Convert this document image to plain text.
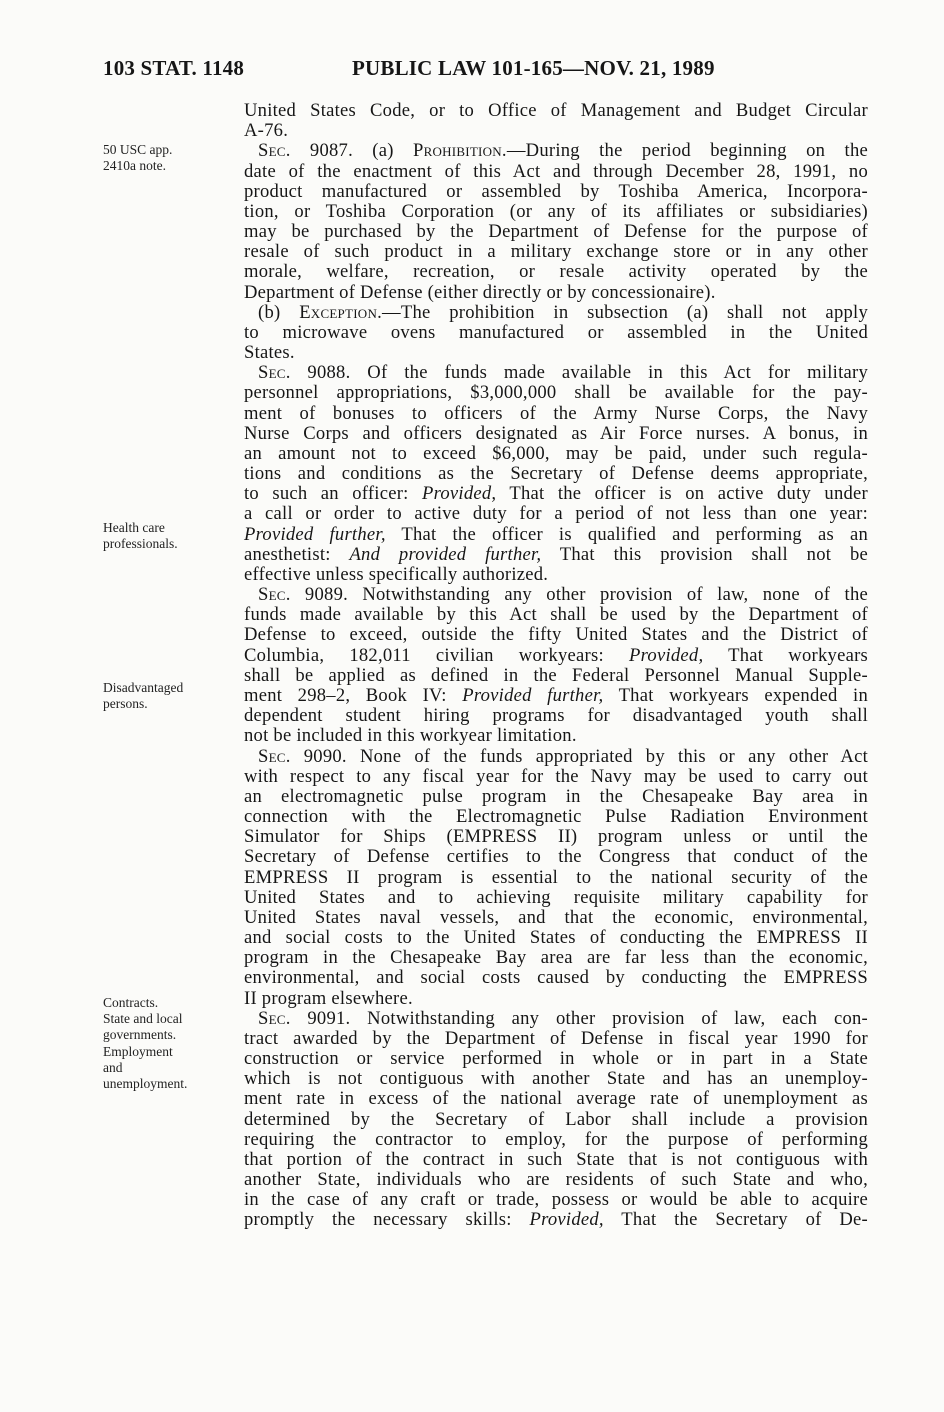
103 STAT. 1148	PUBLIC LAW 101-165—NOV. 21, 1989
50 USC app.
2410a note.
Health care
professionals.
Disadvantaged
persons.
Contracts.
State and local
governments.
Employment
and
unemployment.
United States Code, or to Office of Management and Budget Circular
A-76.
Sec. 9087. (a) Prohibition.—During the period beginning on the
date of the enactment of this Act and through December 28, 1991, no
product manufactured or assembled by Toshiba America, Incorpora-
tion, or Toshiba Corporation (or any of its affiliates or subsidiaries)
may be purchased by the Department of Defense for the purpose of
resale of such product in a military exchange store or in any other
morale, welfare, recreation, or resale activity operated by the
Department of Defense (either directly or by concessionaire).
(b) Exception.—The prohibition in subsection (a) shall not apply
to microwave ovens manufactured or assembled in the United
States.
Sec. 9088. Of the funds made available in this Act for military
personnel appropriations, $3,000,000 shall be available for the pay-
ment of bonuses to officers of the Army Nurse Corps, the Navy
Nurse Corps and officers designated as Air Force nurses. A bonus, in
an amount not to exceed $6,000, may be paid, under such regula-
tions and conditions as the Secretary of Defense deems appropriate,
to such an officer: Provided, That the officer is on active duty under
a call or order to active duty for a period of not less than one year:
Provided further, That the officer is qualified and performing as an
anesthetist: And provided further, That this provision shall not be
effective unless specifically authorized.
Sec. 9089. Notwithstanding any other provision of law, none of the
funds made available by this Act shall be used by the Department of
Defense to exceed, outside the fifty United States and the District of
Columbia, 182,011 civilian workyears: Provided, That workyears
shall be applied as defined in the Federal Personnel Manual Supple-
ment 298–2, Book IV: Provided further, That workyears expended in
dependent student hiring programs for disadvantaged youth shall
not be included in this workyear limitation.
Sec. 9090. None of the funds appropriated by this or any other Act
with respect to any fiscal year for the Navy may be used to carry out
an electromagnetic pulse program in the Chesapeake Bay area in
connection with the Electromagnetic Pulse Radiation Environment
Simulator for Ships (EMPRESS II) program unless or until the
Secretary of Defense certifies to the Congress that conduct of the
EMPRESS II program is essential to the national security of the
United States and to achieving requisite military capability for
United States naval vessels, and that the economic, environmental,
and social costs to the United States of conducting the EMPRESS II
program in the Chesapeake Bay area are far less than the economic,
environmental, and social costs caused by conducting the EMPRESS
II program elsewhere.
Sec. 9091. Notwithstanding any other provision of law, each con-
tract awarded by the Department of Defense in fiscal year 1990 for
construction or service performed in whole or in part in a State
which is not contiguous with another State and has an unemploy-
ment rate in excess of the national average rate of unemployment as
determined by the Secretary of Labor shall include a provision
requiring the contractor to employ, for the purpose of performing
that portion of the contract in such State that is not contiguous with
another State, individuals who are residents of such State and who,
in the case of any craft or trade, possess or would be able to acquire
promptly the necessary skills: Provided, That the Secretary of De-
